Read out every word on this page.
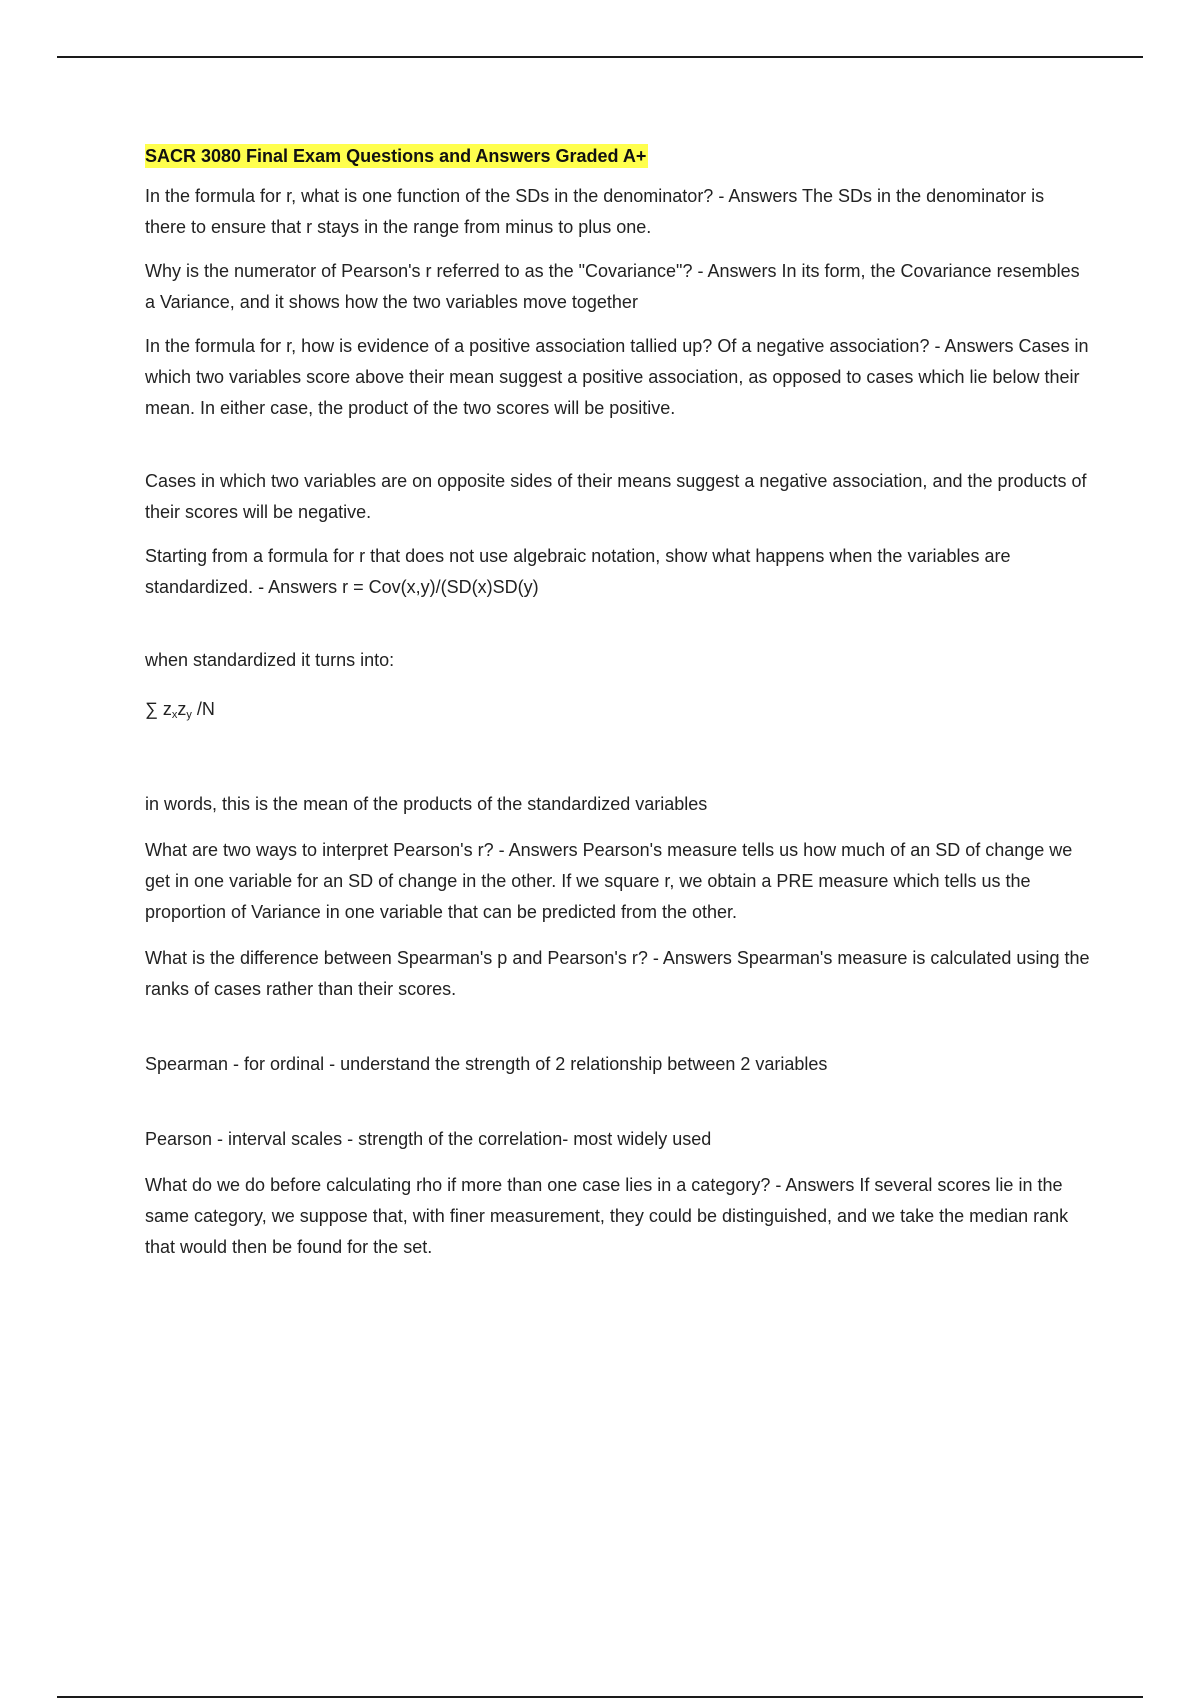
SACR 3080 Final Exam Questions and Answers Graded A+

In the formula for r, what is one function of the SDs in the denominator? - Answers The SDs in the denominator is there to ensure that r stays in the range from minus to plus one.

Why is the numerator of Pearson's r referred to as the "Covariance"? - Answers In its form, the Covariance resembles a Variance, and it shows how the two variables move together

In the formula for r, how is evidence of a positive association tallied up? Of a negative association? - Answers Cases in which two variables score above their mean suggest a positive association, as opposed to cases which lie below their mean. In either case, the product of the two scores will be positive.

Cases in which two variables are on opposite sides of their means suggest a negative association, and the products of their scores will be negative.

Starting from a formula for r that does not use algebraic notation, show what happens when the variables are standardized. - Answers r = Cov(x,y)/(SD(x)SD(y)

when standardized it turns into:

∑ $z_xz_y$ /N

in words, this is the mean of the products of the standardized variables

What are two ways to interpret Pearson's r? - Answers Pearson's measure tells us how much of an SD of change we get in one variable for an SD of change in the other. If we square r, we obtain a PRE measure which tells us the proportion of Variance in one variable that can be predicted from the other.

What is the difference between Spearman's p and Pearson's r? - Answers Spearman's measure is calculated using the ranks of cases rather than their scores.

Spearman - for ordinal - understand the strength of 2 relationship between 2 variables

Pearson - interval scales - strength of the correlation- most widely used

What do we do before calculating rho if more than one case lies in a category? - Answers If several scores lie in the same category, we suppose that, with finer measurement, they could be distinguished, and we take the median rank that would then be found for the set.
